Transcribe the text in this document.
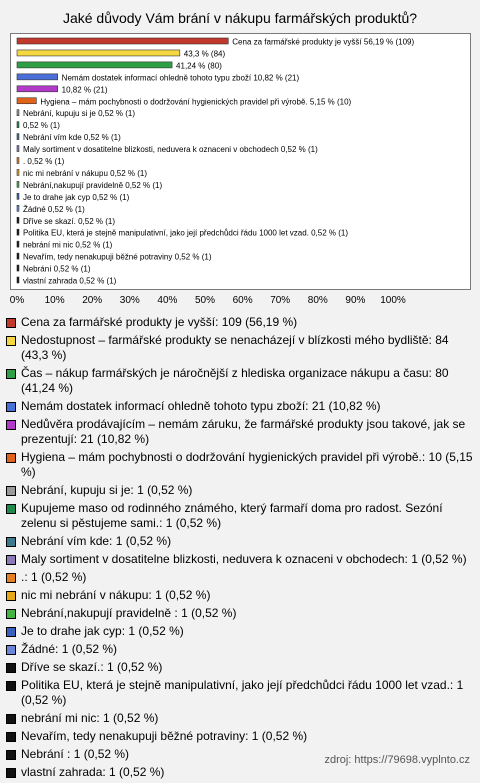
Jaké důvody Vám brání v nákupu farmářských produktů?
Cena za farmářské produkty je vyšší 56,19 % (109)
43,3 % (84)
41,24 % (80)
Nemám dostatek informací ohledně tohoto typu zboží 10,82 % (21)
10,82 % (21)
Hygiena – mám pochybnosti o dodržování hygienických pravidel při výrobě. 5,15 % (10)
Nebrání, kupuju si je 0,52 % (1)
0,52 % (1)
Nebrání vím kde 0,52 % (1)
Maly sortiment v dosatitelne blizkosti, neduvera k oznaceni v obchodech 0,52 % (1)
. 0,52 % (1)
nic mi nebrání v nákupu 0,52 % (1)
Nebrání,nakupují pravidelně 0,52 % (1)
Je to drahe jak cyp 0,52 % (1)
Žádné 0,52 % (1)
Dříve se skazí. 0,52 % (1)
Politika EU, která je stejně manipulativní, jako její předchůdci řádu 1000 let vzad. 0,52 % (1)
nebrání mi nic 0,52 % (1)
Nevařím, tedy nenakupuji běžné potraviny 0,52 % (1)
Nebrání 0,52 % (1)
vlastní zahrada 0,52 % (1)
0% 10% 20% 30% 40% 50% 60% 70% 80% 90% 100%
Cena za farmářské produkty je vyšší: 109 (56,19 %)
Nedostupnost – farmářské produkty se nenacházejí v blízkosti mého bydliště: 84 (43,3 %)
Čas – nákup farmářských je náročnější z hlediska organizace nákupu a času: 80 (41,24 %)
Nemám dostatek informací ohledně tohoto typu zboží: 21 (10,82 %)
Nedůvěra prodávajícím – nemám záruku, že farmářské produkty jsou takové, jak se prezentují: 21 (10,82 %)
Hygiena – mám pochybnosti o dodržování hygienických pravidel při výrobě.: 10 (5,15 %)
Nebrání, kupuju si je: 1 (0,52 %)
Kupujeme maso od rodinného známého, který farmaří doma pro radost. Sezóní zelenu si pěstujeme sami.: 1 (0,52 %)
Nebrání vím kde: 1 (0,52 %)
Maly sortiment v dosatitelne blizkosti, neduvera k oznaceni v obchodech: 1 (0,52 %)
.: 1 (0,52 %)
nic mi nebrání v nákupu: 1 (0,52 %)
Nebrání,nakupují pravidelně : 1 (0,52 %)
Je to drahe jak cyp: 1 (0,52 %)
Žádné: 1 (0,52 %)
Dříve se skazí.: 1 (0,52 %)
Politika EU, která je stejně manipulativní, jako její předchůdci řádu 1000 let vzad.: 1 (0,52 %)
nebrání mi nic: 1 (0,52 %)
Nevařím, tedy nenakupuji běžné potraviny: 1 (0,52 %)
Nebrání : 1 (0,52 %)
vlastní zahrada: 1 (0,52 %)
zdroj: https://79698.vyplnto.cz
